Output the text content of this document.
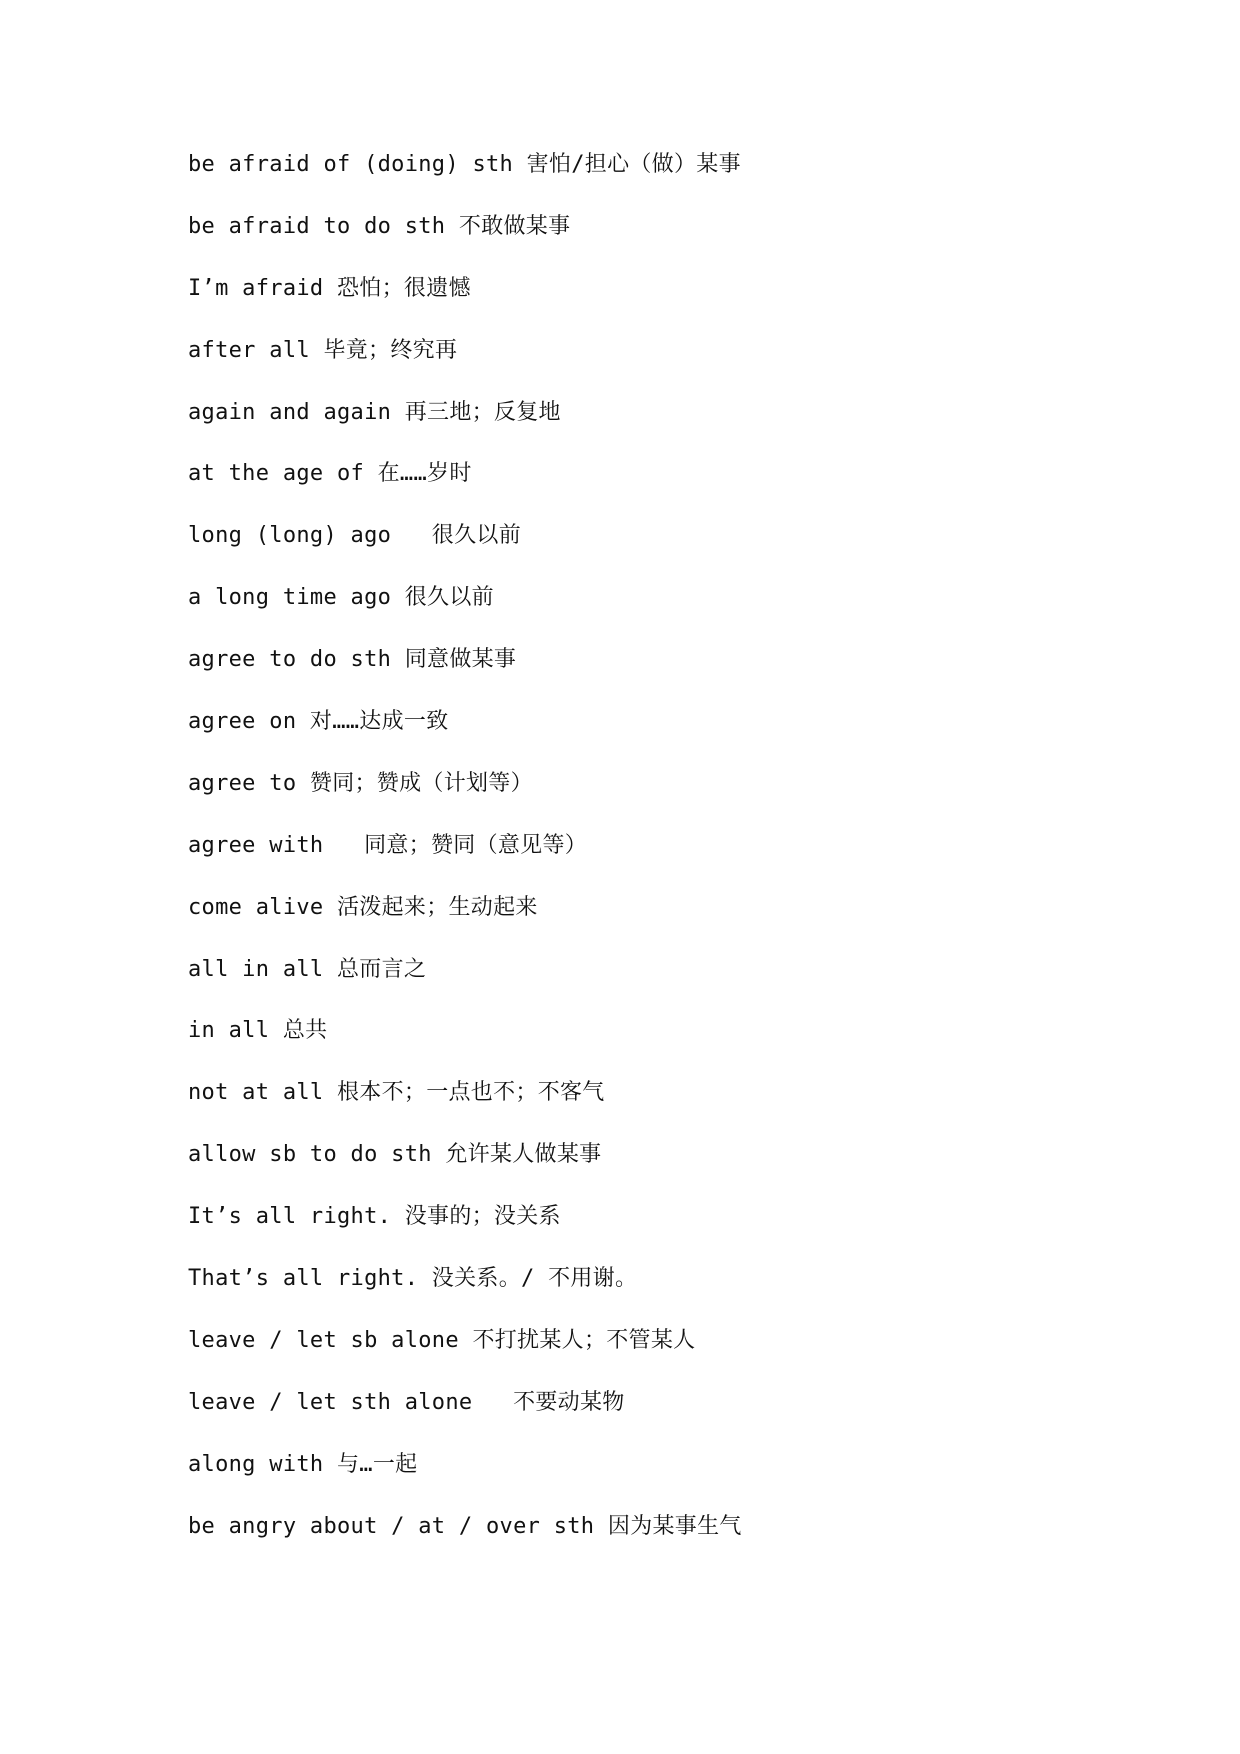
be afraid of (doing) sth 害怕/担心（做）某事
be afraid to do sth 不敢做某事
I’m afraid 恐怕；很遗憾
after all 毕竟；终究再
again and again 再三地；反复地
at the age of 在……岁时
long (long) ago   很久以前
a long time ago 很久以前
agree to do sth 同意做某事
agree on 对……达成一致
agree to 赞同；赞成（计划等）
agree with   同意；赞同（意见等）
come alive 活泼起来；生动起来
all in all 总而言之
in all 总共
not at all 根本不；一点也不；不客气
allow sb to do sth 允许某人做某事
It’s all right. 没事的；没关系
That’s all right. 没关系。/ 不用谢。
leave / let sb alone 不打扰某人；不管某人
leave / let sth alone   不要动某物
along with 与…一起
be angry about / at / over sth 因为某事生气
